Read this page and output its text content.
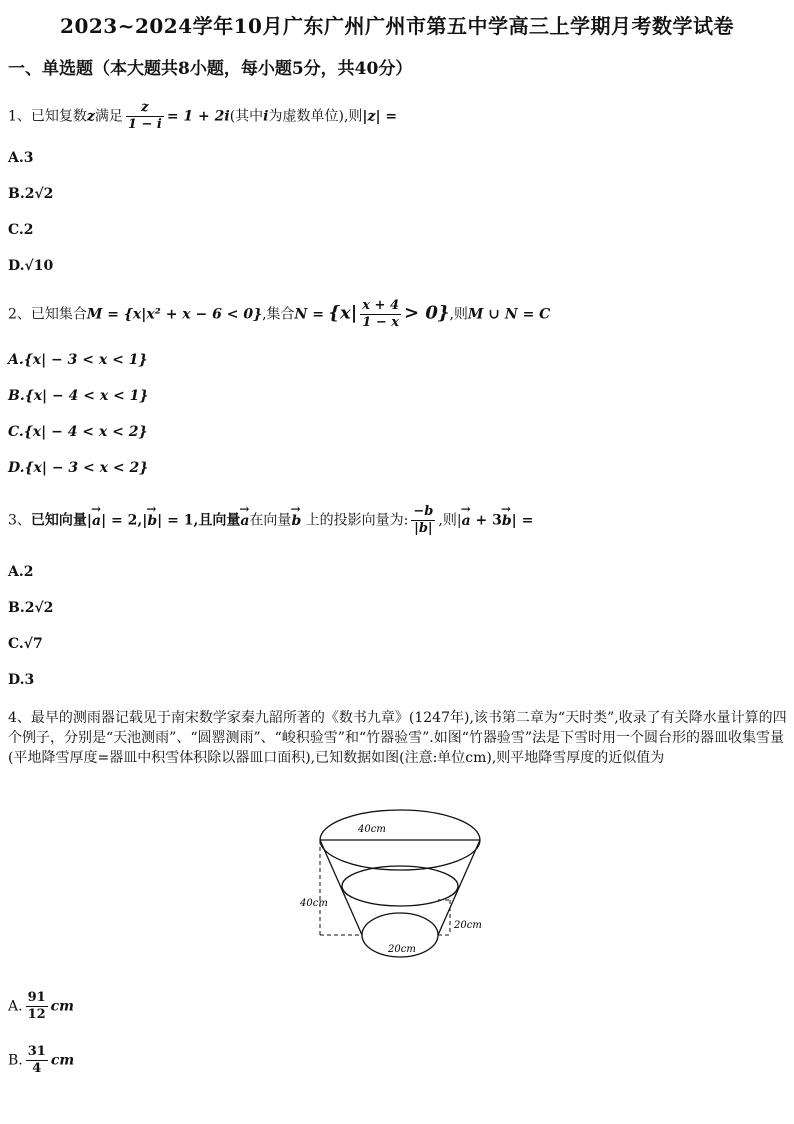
2023~2024学年10月广东广州广州市第五中学高三上学期月考数学试卷
一、单选题（本大题共8小题，每小题5分，共40分）
1、已知复数z满足 $\frac{z}{1 - i} = 1 + 2i$(其中i为虚数单位),则|z| =
A.3
B.2√2
C.2
D.√10
2、已知集合M = {x|x² + x − 6 < 0},集合$N = \{x| \frac{x + 4}{1 - x} > 0\}$,则M ∪ N = C
A.{x| − 3 < x < 1}
B.{x| − 4 < x < 1}
C.{x| − 4 < x < 2}
D.{x| − 3 < x < 2}
3、已知向量|→ a| = 2,|→ b| = 1,且向量→ a在向量→ b 上的投影向量为: $\frac{-b}{|b|}$ ,则|→ a + 3→ b| =
A.2
B.2√2
C.√7
D.3
4、最早的测雨器记载见于南宋数学家秦九韶所著的《数书九章》(1247年),该书第二章为“天时类”,收录了有关降水量计算的四个例子，分别是“天池测雨”、“圆罂测雨”、“峻积验雪”和“竹器验雪”.如图“竹器验雪”法是下雪时用一个圆台形的器皿收集雪量(平地降雪厚度=器皿中积雪体积除以器皿口面积),已知数据如图(注意:单位cm),则平地降雪厚度的近似值为
40cm
40cm
20cm
20cm
A. $\frac{91}{12}$ cm
B. $\frac{31}{4}$ cm
